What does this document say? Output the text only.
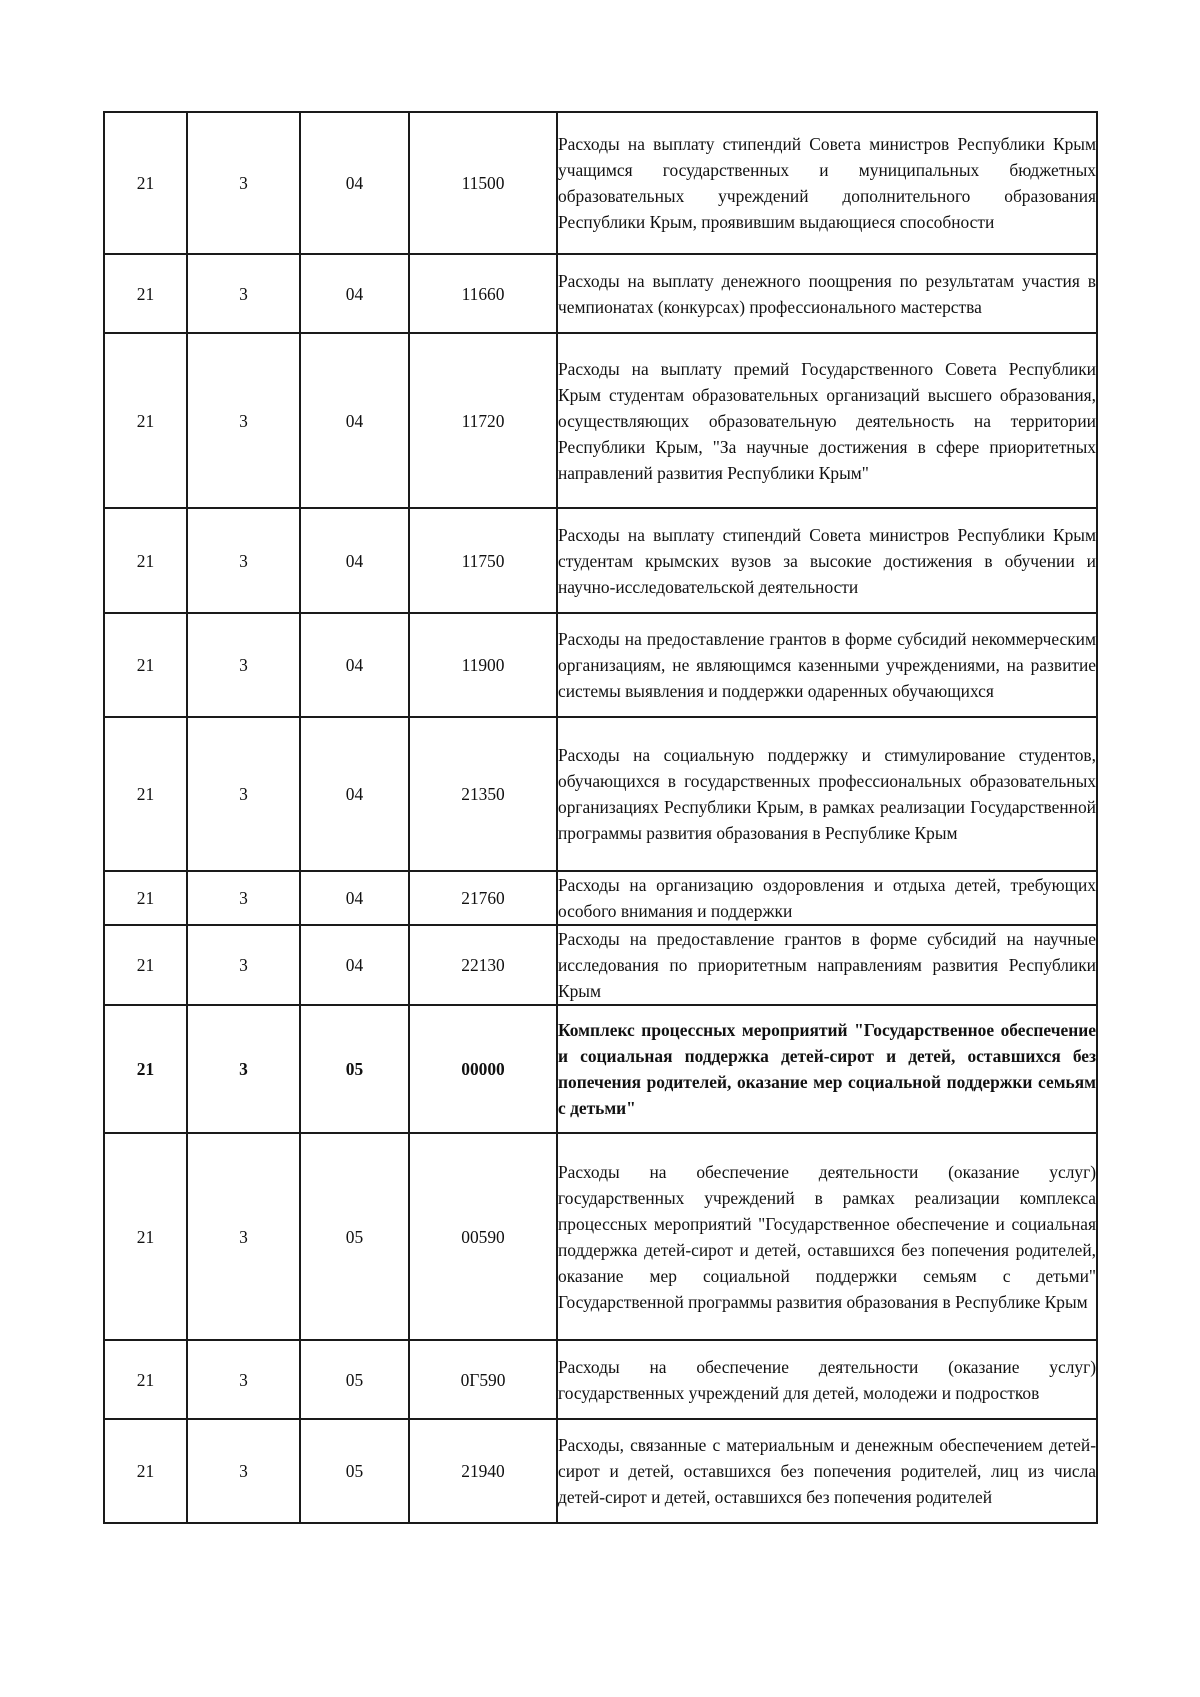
21	3	04	11500	Расходы на выплату стипендий Совета министров Республики Крым учащимся государственных и муниципальных бюджетных образовательных учреждений дополнительного образования Республики Крым, проявившим выдающиеся способности
21	3	04	11660	Расходы на выплату денежного поощрения по результатам участия в чемпионатах (конкурсах) профессионального мастерства
21	3	04	11720	Расходы на выплату премий Государственного Совета Республики Крым студентам образовательных организаций высшего образования, осуществляющих образовательную деятельность на территории Республики Крым, "За научные достижения в сфере приоритетных направлений развития Республики Крым"
21	3	04	11750	Расходы на выплату стипендий Совета министров Республики Крым студентам крымских вузов за высокие достижения в обучении и научно-исследовательской деятельности
21	3	04	11900	Расходы на предоставление грантов в форме субсидий некоммерческим организациям, не являющимся казенными учреждениями, на развитие системы выявления и поддержки одаренных обучающихся
21	3	04	21350	Расходы на социальную поддержку и стимулирование студентов, обучающихся в государственных профессиональных образовательных организациях Республики Крым, в рамках реализации Государственной программы развития образования в Республике Крым
21	3	04	21760	Расходы на организацию оздоровления и отдыха детей, требующих особого внимания и поддержки
21	3	04	22130	Расходы на предоставление грантов в форме субсидий на научные исследования по приоритетным направлениям развития Республики Крым
21	3	05	00000	Комплекс процессных мероприятий "Государственное обеспечение и социальная поддержка детей-сирот и детей, оставшихся без попечения родителей, оказание мер социальной поддержки семьям с детьми"
21	3	05	00590	Расходы на обеспечение деятельности (оказание услуг) государственных учреждений в рамках реализации комплекса процессных мероприятий "Государственное обеспечение и социальная поддержка детей-сирот и детей, оставшихся без попечения родителей, оказание мер социальной поддержки семьям с детьми" Государственной программы развития образования в Республике Крым
21	3	05	0Г590	Расходы на обеспечение деятельности (оказание услуг) государственных учреждений для детей, молодежи и подростков
21	3	05	21940	Расходы, связанные с материальным и денежным обеспечением детей-сирот и детей, оставшихся без попечения родителей, лиц из числа детей-сирот и детей, оставшихся без попечения родителей
